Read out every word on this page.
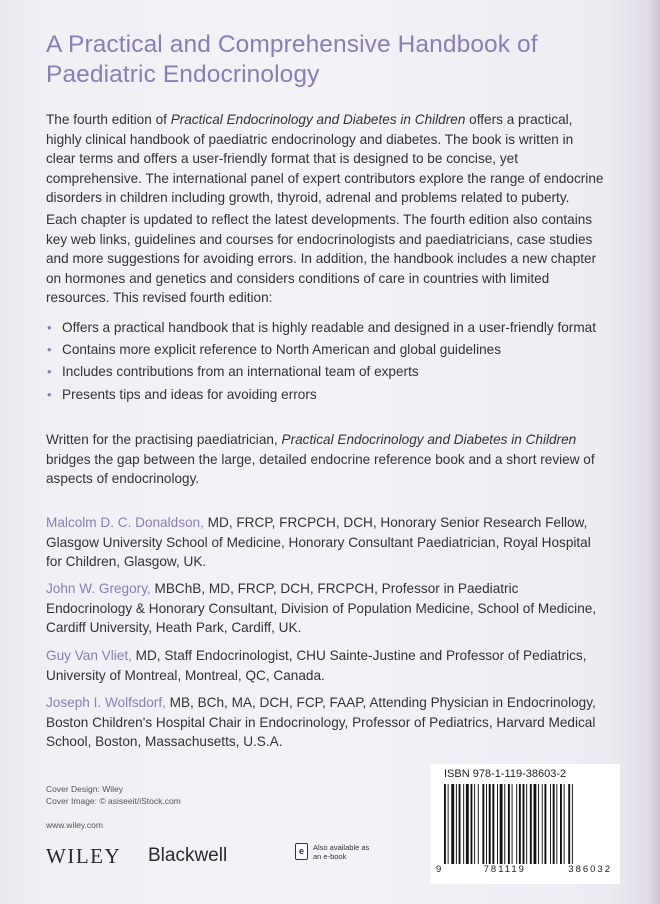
A Practical and Comprehensive Handbook of
Paediatric Endocrinology
The fourth edition of Practical Endocrinology and Diabetes in Children offers a practical, highly clinical handbook of paediatric endocrinology and diabetes. The book is written in clear terms and offers a user-friendly format that is designed to be concise, yet comprehensive. The international panel of expert contributors explore the range of endocrine disorders in children including growth, thyroid, adrenal and problems related to puberty.
Each chapter is updated to reflect the latest developments. The fourth edition also contains key web links, guidelines and courses for endocrinologists and paediatricians, case studies and more suggestions for avoiding errors. In addition, the handbook includes a new chapter on hormones and genetics and considers conditions of care in countries with limited resources. This revised fourth edition:
• Offers a practical handbook that is highly readable and designed in a user-friendly format
• Contains more explicit reference to North American and global guidelines
• Includes contributions from an international team of experts
• Presents tips and ideas for avoiding errors
Written for the practising paediatrician, Practical Endocrinology and Diabetes in Children bridges the gap between the large, detailed endocrine reference book and a short review of aspects of endocrinology.
Malcolm D. C. Donaldson, MD, FRCP, FRCPCH, DCH, Honorary Senior Research Fellow, Glasgow University School of Medicine, Honorary Consultant Paediatrician, Royal Hospital for Children, Glasgow, UK.
John W. Gregory, MBChB, MD, FRCP, DCH, FRCPCH, Professor in Paediatric Endocrinology & Honorary Consultant, Division of Population Medicine, School of Medicine, Cardiff University, Heath Park, Cardiff, UK.
Guy Van Vliet, MD, Staff Endocrinologist, CHU Sainte-Justine and Professor of Pediatrics, University of Montreal, Montreal, QC, Canada.
Joseph I. Wolfsdorf, MB, BCh, MA, DCH, FCP, FAAP, Attending Physician in Endocrinology, Boston Children's Hospital Chair in Endocrinology, Professor of Pediatrics, Harvard Medical School, Boston, Massachusetts, U.S.A.
Cover Design: Wiley
Cover Image: © asiseeit/iStock.com
www.wiley.com
WILEY Blackwell	e	Also available as an e-book
ISBN 978-1-119-38603-2
9	781119	386032
